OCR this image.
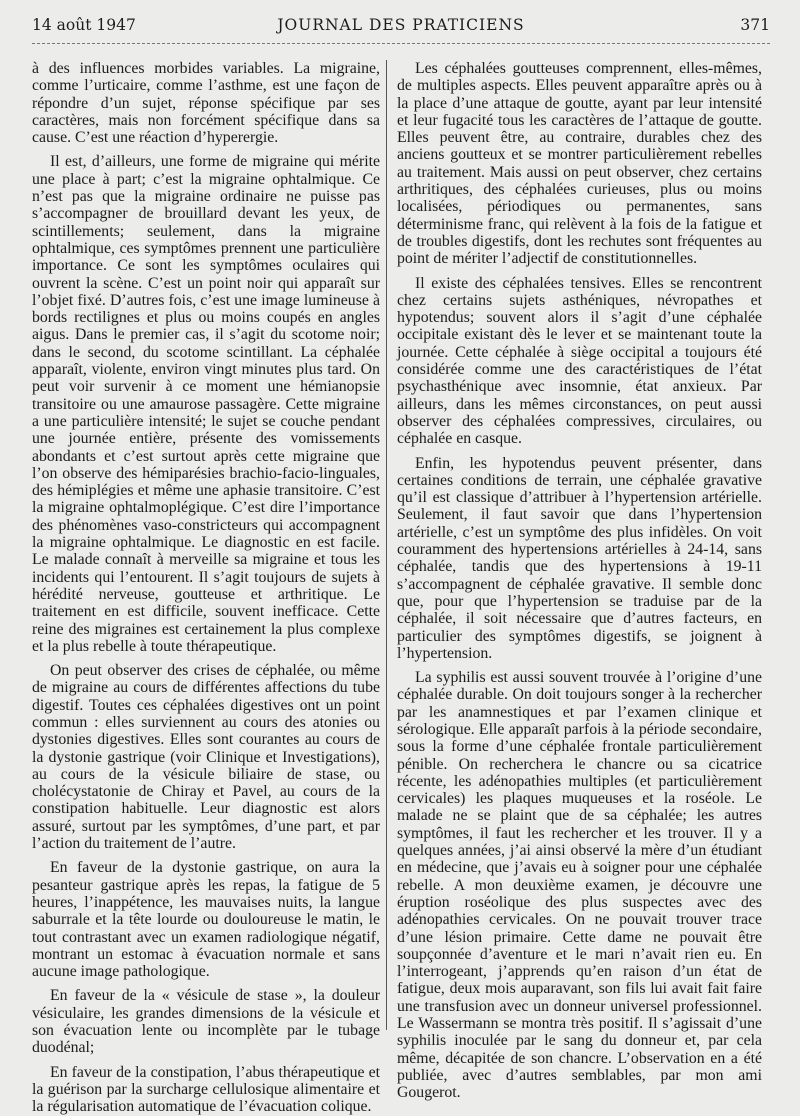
14 août 1947	JOURNAL DES PRATICIENS	371

à des influences morbides variables. La migraine, comme l’urticaire, comme l’asthme, est une façon de répondre d’un sujet, réponse spécifique par ses caractères, mais non forcément spécifique dans sa cause. C’est une réaction d’hyperergie.

Il est, d’ailleurs, une forme de migraine qui mérite une place à part; c’est la migraine ophtalmique. Ce n’est pas que la migraine ordinaire ne puisse pas s’accompagner de brouillard devant les yeux, de scintillements; seulement, dans la migraine ophtalmique, ces symptômes prennent une particulière importance. Ce sont les symptômes oculaires qui ouvrent la scène. C’est un point noir qui apparaît sur l’objet fixé. D’autres fois, c’est une image lumineuse à bords rectilignes et plus ou moins coupés en angles aigus. Dans le premier cas, il s’agit du scotome noir; dans le second, du scotome scintillant. La céphalée apparaît, violente, environ vingt minutes plus tard. On peut voir survenir à ce moment une hémianopsie transitoire ou une amaurose passagère. Cette migraine a une particulière intensité; le sujet se couche pendant une journée entière, présente des vomissements abondants et c’est surtout après cette migraine que l’on observe des hémiparésies brachio-facio-linguales, des hémiplégies et même une aphasie transitoire. C’est la migraine ophtalmoplégique. C’est dire l’importance des phénomènes vaso-constricteurs qui accompagnent la migraine ophtalmique. Le diagnostic en est facile. Le malade connaît à merveille sa migraine et tous les incidents qui l’entourent. Il s’agit toujours de sujets à hérédité nerveuse, goutteuse et arthritique. Le traitement en est difficile, souvent inefficace. Cette reine des migraines est certainement la plus complexe et la plus rebelle à toute thérapeutique.

On peut observer des crises de céphalée, ou même de migraine au cours de différentes affections du tube digestif. Toutes ces céphalées digestives ont un point commun : elles surviennent au cours des atonies ou dystonies digestives. Elles sont courantes au cours de la dystonie gastrique (voir Clinique et Investigations), au cours de la vésicule biliaire de stase, ou cholécystatonie de Chiray et Pavel, au cours de la constipation habituelle. Leur diagnostic est alors assuré, surtout par les symptômes, d’une part, et par l’action du traitement de l’autre.

En faveur de la dystonie gastrique, on aura la pesanteur gastrique après les repas, la fatigue de 5 heures, l’inappétence, les mauvaises nuits, la langue saburrale et la tête lourde ou douloureuse le matin, le tout contrastant avec un examen radiologique négatif, montrant un estomac à évacuation normale et sans aucune image pathologique.

En faveur de la « vésicule de stase », la douleur vésiculaire, les grandes dimensions de la vésicule et son évacuation lente ou incomplète par le tubage duodénal;

En faveur de la constipation, l’abus thérapeutique et la guérison par la surcharge cellulosique alimentaire et la régularisation automatique de l’évacuation colique.

Les céphalées goutteuses comprennent, elles-mêmes, de multiples aspects. Elles peuvent apparaître après ou à la place d’une attaque de goutte, ayant par leur intensité et leur fugacité tous les caractères de l’attaque de goutte. Elles peuvent être, au contraire, durables chez des anciens goutteux et se montrer particulièrement rebelles au traitement. Mais aussi on peut observer, chez certains arthritiques, des céphalées curieuses, plus ou moins localisées, périodiques ou permanentes, sans déterminisme franc, qui relèvent à la fois de la fatigue et de troubles digestifs, dont les rechutes sont fréquentes au point de mériter l’adjectif de constitutionnelles.

Il existe des céphalées tensives. Elles se rencontrent chez certains sujets asthéniques, névropathes et hypotendus; souvent alors il s’agit d’une céphalée occipitale existant dès le lever et se maintenant toute la journée. Cette céphalée à siège occipital a toujours été considérée comme une des caractéristiques de l’état psychasthénique avec insomnie, état anxieux. Par ailleurs, dans les mêmes circonstances, on peut aussi observer des céphalées compressives, circulaires, ou céphalée en casque.

Enfin, les hypotendus peuvent présenter, dans certaines conditions de terrain, une céphalée gravative qu’il est classique d’attribuer à l’hypertension artérielle. Seulement, il faut savoir que dans l’hypertension artérielle, c’est un symptôme des plus infidèles. On voit couramment des hypertensions artérielles à 24-14, sans céphalée, tandis que des hypertensions à 19-11 s’accompagnent de céphalée gravative. Il semble donc que, pour que l’hypertension se traduise par de la céphalée, il soit nécessaire que d’autres facteurs, en particulier des symptômes digestifs, se joignent à l’hypertension.

La syphilis est aussi souvent trouvée à l’origine d’une céphalée durable. On doit toujours songer à la rechercher par les anamnestiques et par l’examen clinique et sérologique. Elle apparaît parfois à la période secondaire, sous la forme d’une céphalée frontale particulièrement pénible. On recherchera le chancre ou sa cicatrice récente, les adénopathies multiples (et particulièrement cervicales) les plaques muqueuses et la roséole. Le malade ne se plaint que de sa céphalée; les autres symptômes, il faut les rechercher et les trouver. Il y a quelques années, j’ai ainsi observé la mère d’un étudiant en médecine, que j’avais eu à soigner pour une céphalée rebelle. A mon deuxième examen, je découvre une éruption roséolique des plus suspectes avec des adénopathies cervicales. On ne pouvait trouver trace d’une lésion primaire. Cette dame ne pouvait être soupçonnée d’aventure et le mari n’avait rien eu. En l’interrogeant, j’apprends qu’en raison d’un état de fatigue, deux mois auparavant, son fils lui avait fait faire une transfusion avec un donneur universel professionnel. Le Wassermann se montra très positif. Il s’agissait d’une syphilis inoculée par le sang du donneur et, par cela même, décapitée de son chancre. L’observation en a été publiée, avec d’autres semblables, par mon ami Gougerot.
